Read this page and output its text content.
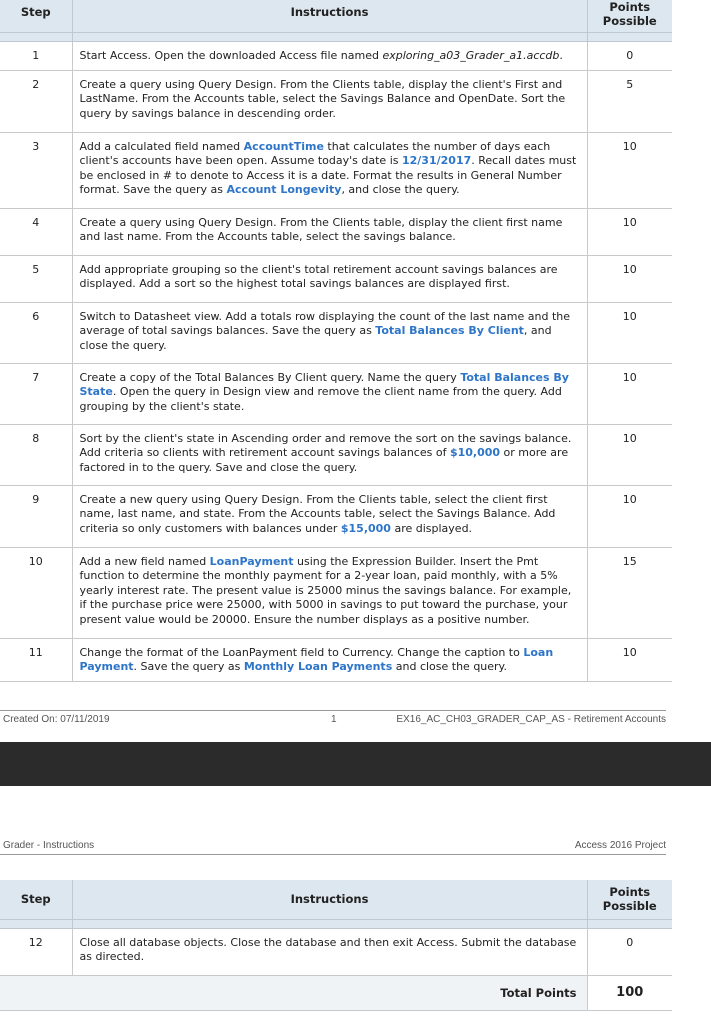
Step	Instructions	Points Possible

1	Start Access. Open the downloaded Access file named exploring_a03_Grader_a1.accdb.	0
2	Create a query using Query Design. From the Clients table, display the client's First and LastName. From the Accounts table, select the Savings Balance and OpenDate. Sort the query by savings balance in descending order.	5
3	Add a calculated field named AccountTime that calculates the number of days each client's accounts have been open. Assume today's date is 12/31/2017. Recall dates must be enclosed in # to denote to Access it is a date. Format the results in General Number format. Save the query as Account Longevity, and close the query.	10
4	Create a query using Query Design. From the Clients table, display the client first name and last name. From the Accounts table, select the savings balance.	10
5	Add appropriate grouping so the client's total retirement account savings balances are displayed. Add a sort so the highest total savings balances are displayed first.	10
6	Switch to Datasheet view. Add a totals row displaying the count of the last name and the average of total savings balances. Save the query as Total Balances By Client, and close the query.	10
7	Create a copy of the Total Balances By Client query. Name the query Total Balances By State. Open the query in Design view and remove the client name from the query. Add grouping by the client's state.	10
8	Sort by the client's state in Ascending order and remove the sort on the savings balance. Add criteria so clients with retirement account savings balances of $10,000 or more are factored in to the query. Save and close the query.	10
9	Create a new query using Query Design. From the Clients table, select the client first name, last name, and state. From the Accounts table, select the Savings Balance. Add criteria so only customers with balances under $15,000 are displayed.	10
10	Add a new field named LoanPayment using the Expression Builder. Insert the Pmt function to determine the monthly payment for a 2-year loan, paid monthly, with a 5% yearly interest rate. The present value is 25000 minus the savings balance. For example, if the purchase price were 25000, with 5000 in savings to put toward the purchase, your present value would be 20000. Ensure the number displays as a positive number.	15
11	Change the format of the LoanPayment field to Currency. Change the caption to Loan Payment. Save the query as Monthly Loan Payments and close the query.	10
Created On: 07/11/2019	1	EX16_AC_CH03_GRADER_CAP_AS - Retirement Accounts
Grader - Instructions	Access 2016 Project
Step	Instructions	Points Possible

12	Close all database objects. Close the database and then exit Access. Submit the database as directed.	0
Total Points		100
